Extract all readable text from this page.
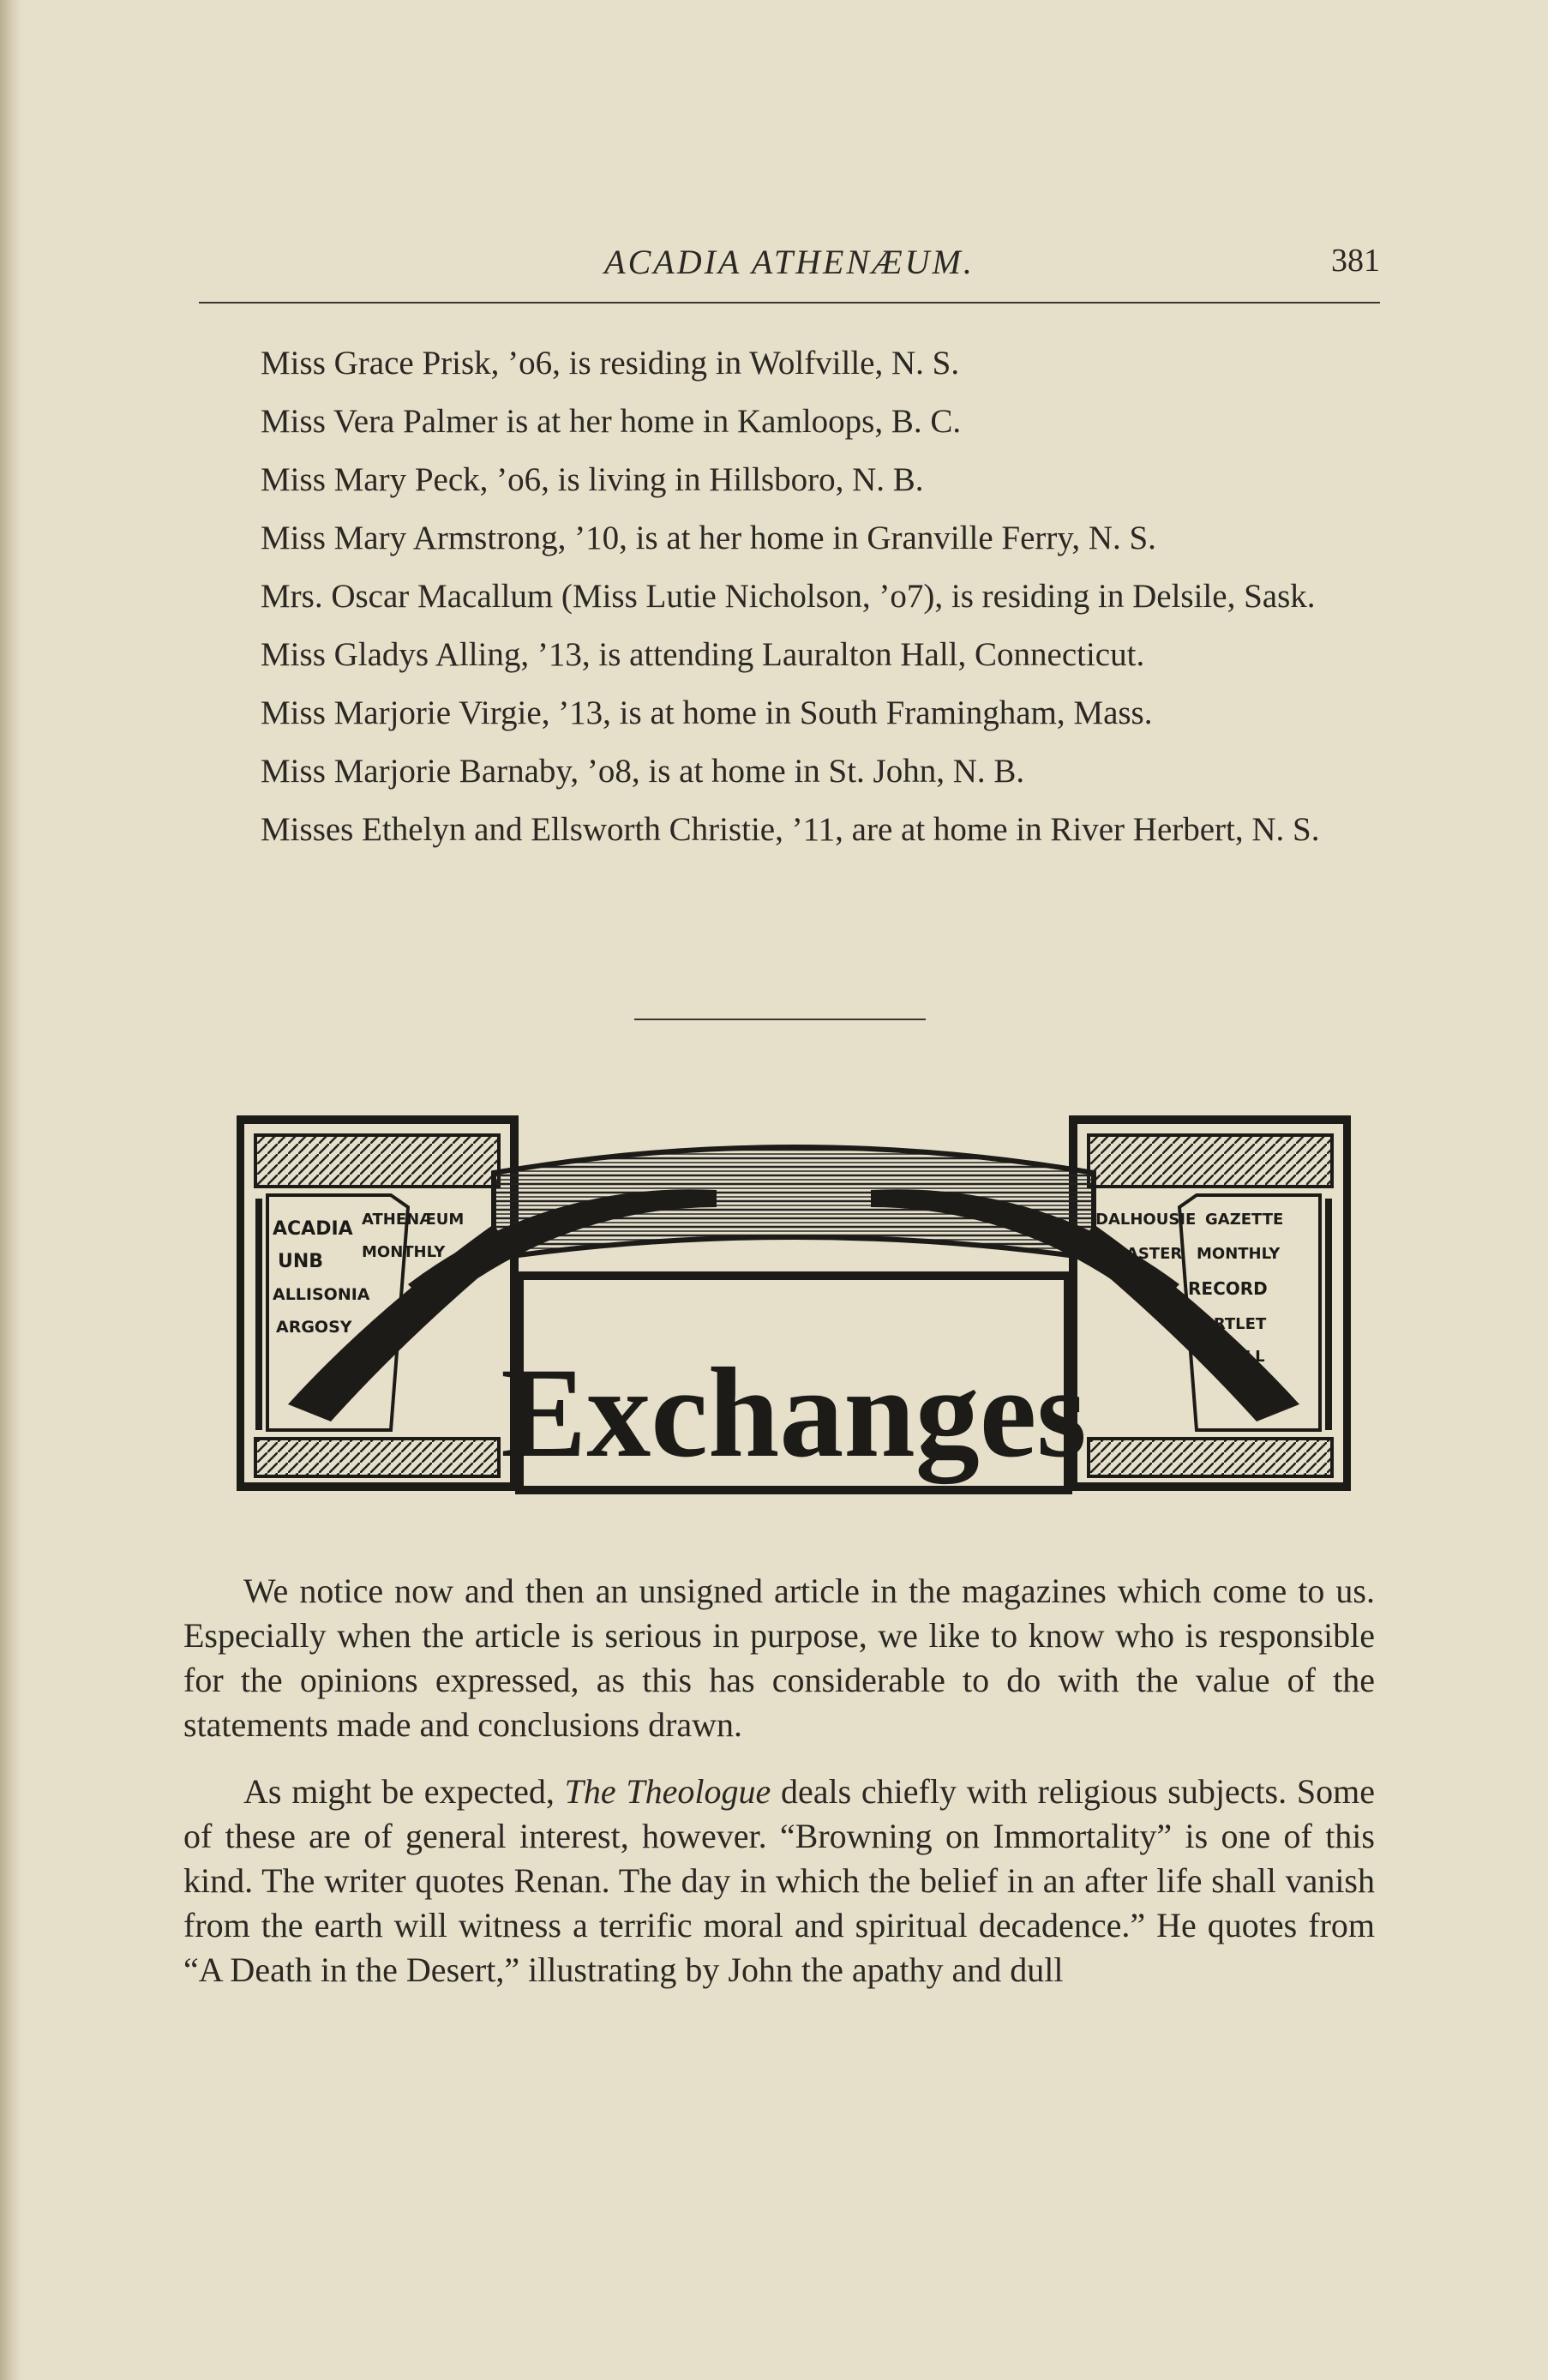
ACADIA ATHENÆUM.	381

Miss Grace Prisk, ’o6, is residing in Wolfville, N. S.

Miss Vera Palmer is at her home in Kamloops, B. C.

Miss Mary Peck, ’o6, is living in Hillsboro, N. B.

Miss Mary Armstrong, ’10, is at her home in Granville Ferry, N. S.

Mrs. Oscar Macallum (Miss Lutie Nicholson, ’o7), is residing in Delsile, Sask.

Miss Gladys Alling, ’13, is attending Lauralton Hall, Connecticut.

Miss Marjorie Virgie, ’13, is at home in South Framingham, Mass.

Miss Marjorie Barnaby, ’o8, is at home in St. John, N. B.

Misses Ethelyn and Ellsworth Christie, ’11, are at home in River Herbert, N. S.

ACADIA ATHENÆUM
UNB MONTHLY
ALLISONIA
ARGOSY
DALHOUSIE GAZETTE
MASTER MONTHLY
ES RECORD
MARTLET
QUILL
Exchanges

We notice now and then an unsigned article in the magazines which come to us. Especially when the article is serious in purpose, we like to know who is responsible for the opinions expressed, as this has considerable to do with the value of the statements made and conclusions drawn.

As might be expected, The Theologue deals chiefly with religious subjects. Some of these are of general interest, however. “Browning on Immortality” is one of this kind. The writer quotes Renan. The day in which the belief in an after life shall vanish from the earth will witness a terrific moral and spiritual decadence.” He quotes from “A Death in the Desert,” illustrating by John the apathy and dull
